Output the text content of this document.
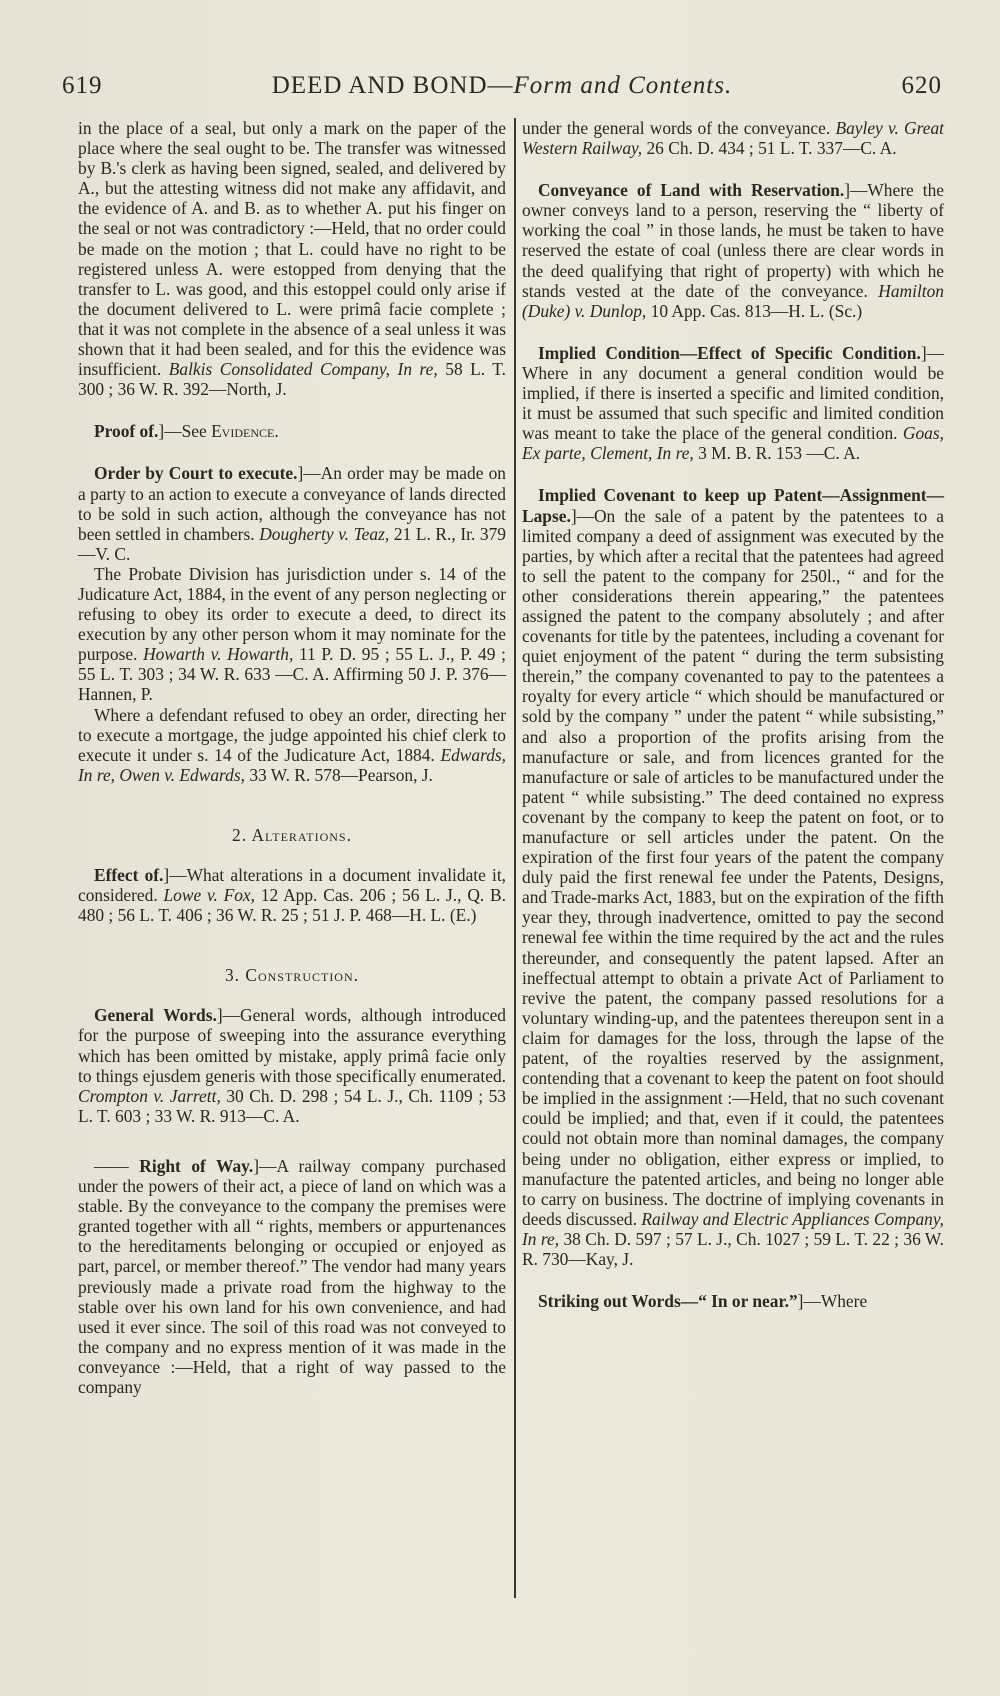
619	DEED AND BOND—Form and Contents.	620

in the place of a seal, but only a mark on the paper of the place where the seal ought to be. The transfer was witnessed by B.'s clerk as having been signed, sealed, and delivered by A., but the attesting witness did not make any affidavit, and the evidence of A. and B. as to whether A. put his finger on the seal or not was contradictory :—Held, that no order could be made on the motion ; that L. could have no right to be registered unless A. were estopped from denying that the transfer to L. was good, and this estoppel could only arise if the document delivered to L. were primâ facie complete ; that it was not complete in the absence of a seal unless it was shown that it had been sealed, and for this the evidence was insufficient. Balkis Consolidated Company, In re, 58 L. T. 300 ; 36 W. R. 392—North, J.

Proof of.]—See Evidence.

Order by Court to execute.]—An order may be made on a party to an action to execute a conveyance of lands directed to be sold in such action, although the conveyance has not been settled in chambers. Dougherty v. Teaz, 21 L. R., Ir. 379—V. C.

The Probate Division has jurisdiction under s. 14 of the Judicature Act, 1884, in the event of any person neglecting or refusing to obey its order to execute a deed, to direct its execution by any other person whom it may nominate for the purpose. Howarth v. Howarth, 11 P. D. 95 ; 55 L. J., P. 49 ; 55 L. T. 303 ; 34 W. R. 633 —C. A. Affirming 50 J. P. 376—Hannen, P.

Where a defendant refused to obey an order, directing her to execute a mortgage, the judge appointed his chief clerk to execute it under s. 14 of the Judicature Act, 1884. Edwards, In re, Owen v. Edwards, 33 W. R. 578—Pearson, J.

2. Alterations.

Effect of.]—What alterations in a document invalidate it, considered. Lowe v. Fox, 12 App. Cas. 206 ; 56 L. J., Q. B. 480 ; 56 L. T. 406 ; 36 W. R. 25 ; 51 J. P. 468—H. L. (E.)

3. Construction.

General Words.]—General words, although introduced for the purpose of sweeping into the assurance everything which has been omitted by mistake, apply primâ facie only to things ejusdem generis with those specifically enumerated. Crompton v. Jarrett, 30 Ch. D. 298 ; 54 L. J., Ch. 1109 ; 53 L. T. 603 ; 33 W. R. 913—C. A.

—— Right of Way.]—A railway company purchased under the powers of their act, a piece of land on which was a stable. By the conveyance to the company the premises were granted together with all “ rights, members or appurtenances to the hereditaments belonging or occupied or enjoyed as part, parcel, or member thereof.” The vendor had many years previously made a private road from the highway to the stable over his own land for his own convenience, and had used it ever since. The soil of this road was not conveyed to the company and no express mention of it was made in the conveyance :—Held, that a right of way passed to the company

under the general words of the conveyance. Bayley v. Great Western Railway, 26 Ch. D. 434 ; 51 L. T. 337—C. A.

Conveyance of Land with Reservation.]—Where the owner conveys land to a person, reserving the “ liberty of working the coal ” in those lands, he must be taken to have reserved the estate of coal (unless there are clear words in the deed qualifying that right of property) with which he stands vested at the date of the conveyance. Hamilton (Duke) v. Dunlop, 10 App. Cas. 813—H. L. (Sc.)

Implied Condition—Effect of Specific Condition.]—Where in any document a general condition would be implied, if there is inserted a specific and limited condition, it must be assumed that such specific and limited condition was meant to take the place of the general condition. Goas, Ex parte, Clement, In re, 3 M. B. R. 153 —C. A.

Implied Covenant to keep up Patent—Assignment—Lapse.]—On the sale of a patent by the patentees to a limited company a deed of assignment was executed by the parties, by which after a recital that the patentees had agreed to sell the patent to the company for 250l., “ and for the other considerations therein appearing,” the patentees assigned the patent to the company absolutely ; and after covenants for title by the patentees, including a covenant for quiet enjoyment of the patent “ during the term subsisting therein,” the company covenanted to pay to the patentees a royalty for every article “ which should be manufactured or sold by the company ” under the patent “ while subsisting,” and also a proportion of the profits arising from the manufacture or sale, and from licences granted for the manufacture or sale of articles to be manufactured under the patent “ while subsisting.” The deed contained no express covenant by the company to keep the patent on foot, or to manufacture or sell articles under the patent. On the expiration of the first four years of the patent the company duly paid the first renewal fee under the Patents, Designs, and Trade-marks Act, 1883, but on the expiration of the fifth year they, through inadvertence, omitted to pay the second renewal fee within the time required by the act and the rules thereunder, and consequently the patent lapsed. After an ineffectual attempt to obtain a private Act of Parliament to revive the patent, the company passed resolutions for a voluntary winding-up, and the patentees thereupon sent in a claim for damages for the loss, through the lapse of the patent, of the royalties reserved by the assignment, contending that a covenant to keep the patent on foot should be implied in the assignment :—Held, that no such covenant could be implied; and that, even if it could, the patentees could not obtain more than nominal damages, the company being under no obligation, either express or implied, to manufacture the patented articles, and being no longer able to carry on business. The doctrine of implying covenants in deeds discussed. Railway and Electric Appliances Company, In re, 38 Ch. D. 597 ; 57 L. J., Ch. 1027 ; 59 L. T. 22 ; 36 W. R. 730—Kay, J.

Striking out Words—“ In or near.”]—Where
